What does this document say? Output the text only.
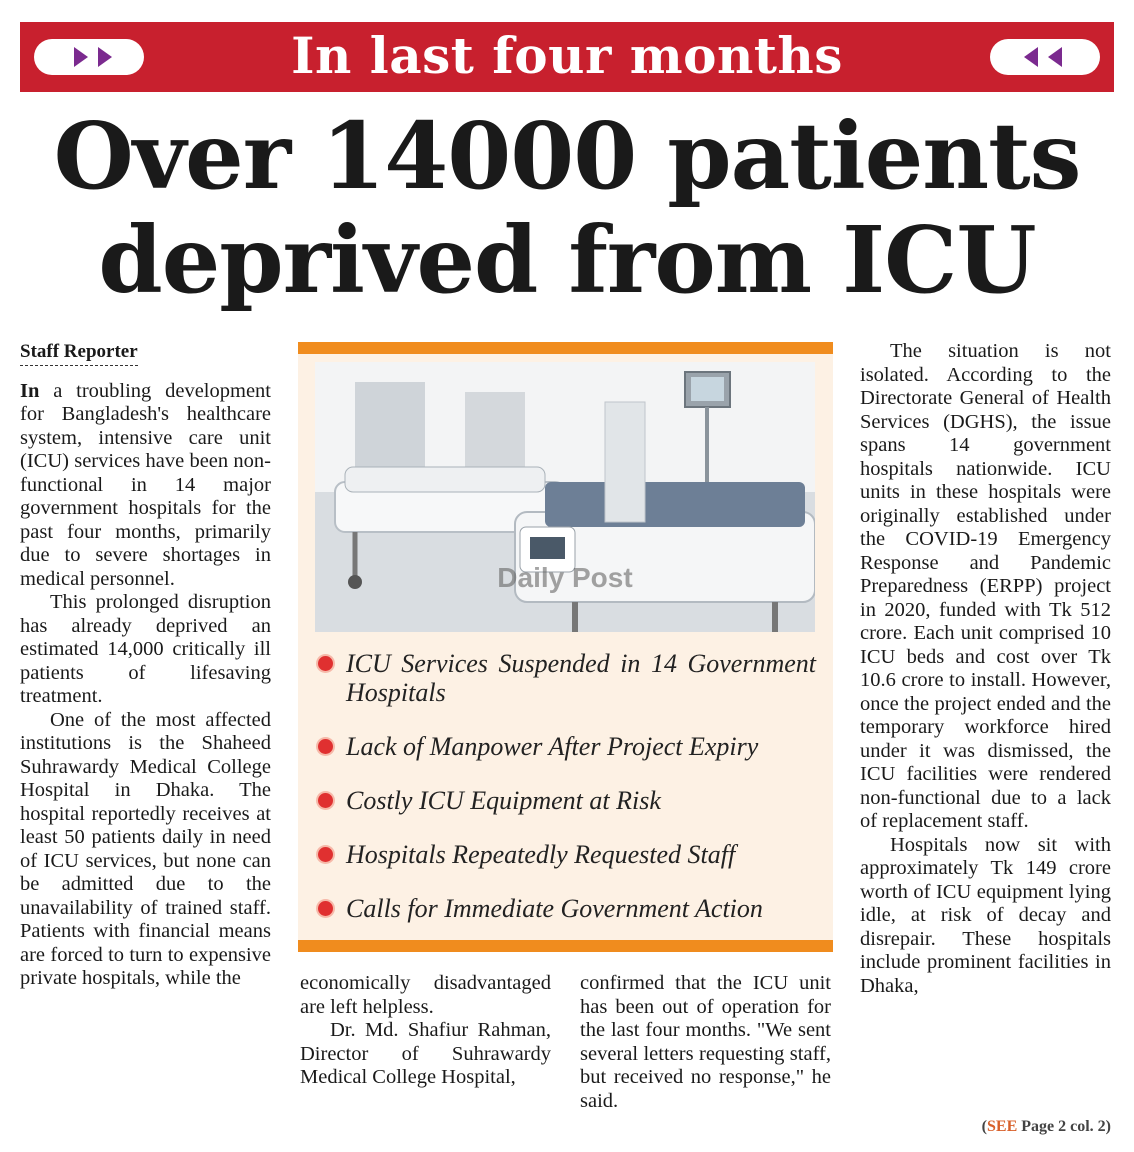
In last four months
Over 14000 patients
deprived from ICU
Staff Reporter

In a troubling development for Bangladesh's healthcare system, intensive care unit (ICU) services have been non-functional in 14 major government hospitals for the past four months, primarily due to severe shortages in medical personnel.

This prolonged disruption has already deprived an estimated 14,000 critically ill patients of lifesaving treatment.

One of the most affected institutions is the Shaheed Suhrawardy Medical College Hospital in Dhaka. The hospital reportedly receives at least 50 patients daily in need of ICU services, but none can be admitted due to the unavailability of trained staff. Patients with financial means are forced to turn to expensive private hospitals, while the

Daily Post
ICU Services Suspended in 14 Government Hospitals
Lack of Manpower After Project Expiry
Costly ICU Equipment at Risk
Hospitals Repeatedly Requested Staff
Calls for Immediate Government Action

economically disadvantaged are left helpless.

Dr. Md. Shafiur Rahman, Director of Suhrawardy Medical College Hospital,

confirmed that the ICU unit has been out of operation for the last four months. "We sent several letters requesting staff, but received no response," he said.

The situation is not isolated. According to the Directorate General of Health Services (DGHS), the issue spans 14 government hospitals nationwide. ICU units in these hospitals were originally established under the COVID-19 Emergency Response and Pandemic Preparedness (ERPP) project in 2020, funded with Tk 512 crore. Each unit comprised 10 ICU beds and cost over Tk 10.6 crore to install. However, once the project ended and the temporary workforce hired under it was dismissed, the ICU facilities were rendered non-functional due to a lack of replacement staff.

Hospitals now sit with approximately Tk 149 crore worth of ICU equipment lying idle, at risk of decay and disrepair. These hospitals include prominent facilities in Dhaka,

(SEE Page 2 col. 2)
